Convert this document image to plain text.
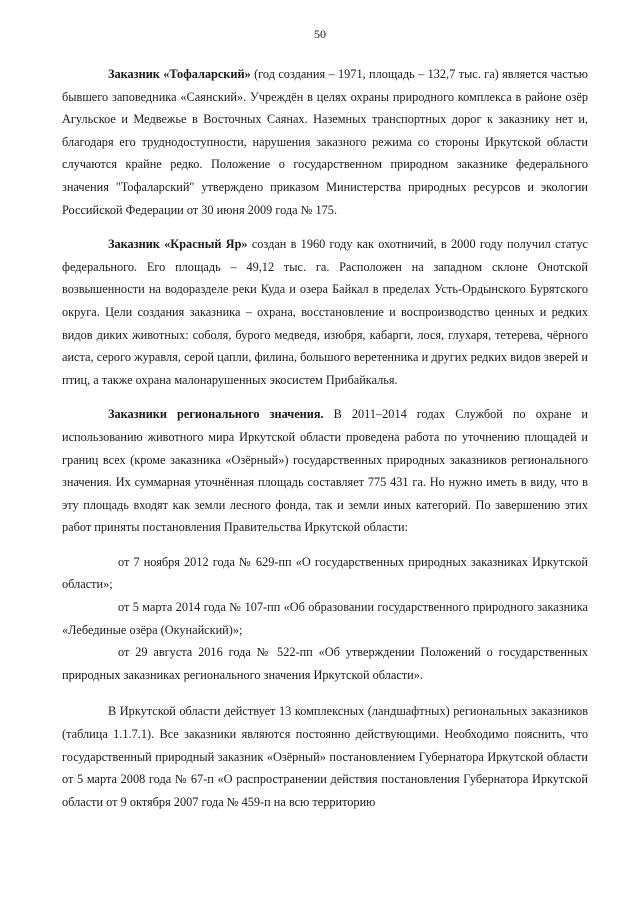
50

Заказник «Тофаларский» (год создания – 1971, площадь – 132,7 тыс. га) является частью бывшего заповедника «Саянский». Учреждён в целях охраны природного комплекса в районе озёр Агульское и Медвежье в Восточных Саянах. Наземных транспортных дорог к заказнику нет и, благодаря его труднодоступности, нарушения заказного режима со стороны Иркутской области случаются крайне редко. Положение о государственном природном заказнике федерального значения "Тофаларский" утверждено приказом Министерства природных ресурсов и экологии Российской Федерации от 30 июня 2009 года № 175.

Заказник «Красный Яр» создан в 1960 году как охотничий, в 2000 году получил статус федерального. Его площадь – 49,12 тыс. га. Расположен на западном склоне Онотской возвышенности на водоразделе реки Куда и озера Байкал в пределах Усть-Ордынского Бурятского округа. Цели создания заказника – охрана, восстановление и воспроизводство ценных и редких видов диких животных: соболя, бурого медведя, изюбря, кабарги, лося, глухаря, тетерева, чёрного аиста, серого журавля, серой цапли, филина, большого веретенника и других редких видов зверей и птиц, а также охрана малонарушенных экосистем Прибайкалья.

Заказники регионального значения. В 2011–2014 годах Службой по охране и использованию животного мира Иркутской области проведена работа по уточнению площадей и границ всех (кроме заказника «Озёрный») государственных природных заказников регионального значения. Их суммарная уточнённая площадь составляет 775 431 га. Но нужно иметь в виду, что в эту площадь входят как земли лесного фонда, так и земли иных категорий. По завершению этих работ приняты постановления Правительства Иркутской области:

от 7 ноября 2012 года № 629-пп «О государственных природных заказниках Иркутской области»;

от 5 марта 2014 года № 107-пп «Об образовании государственного природного заказника «Лебединые озёра (Окунайский)»;

от 29 августа 2016 года № 522-пп «Об утверждении Положений о государственных природных заказниках регионального значения Иркутской области».

В Иркутской области действует 13 комплексных (ландшафтных) региональных заказников (таблица 1.1.7.1). Все заказники являются постоянно действующими. Необходимо пояснить, что государственный природный заказник «Озёрный» постановлением Губернатора Иркутской области от 5 марта 2008 года № 67-п «О распространении действия постановления Губернатора Иркутской области от 9 октября 2007 года № 459-п на всю территорию
